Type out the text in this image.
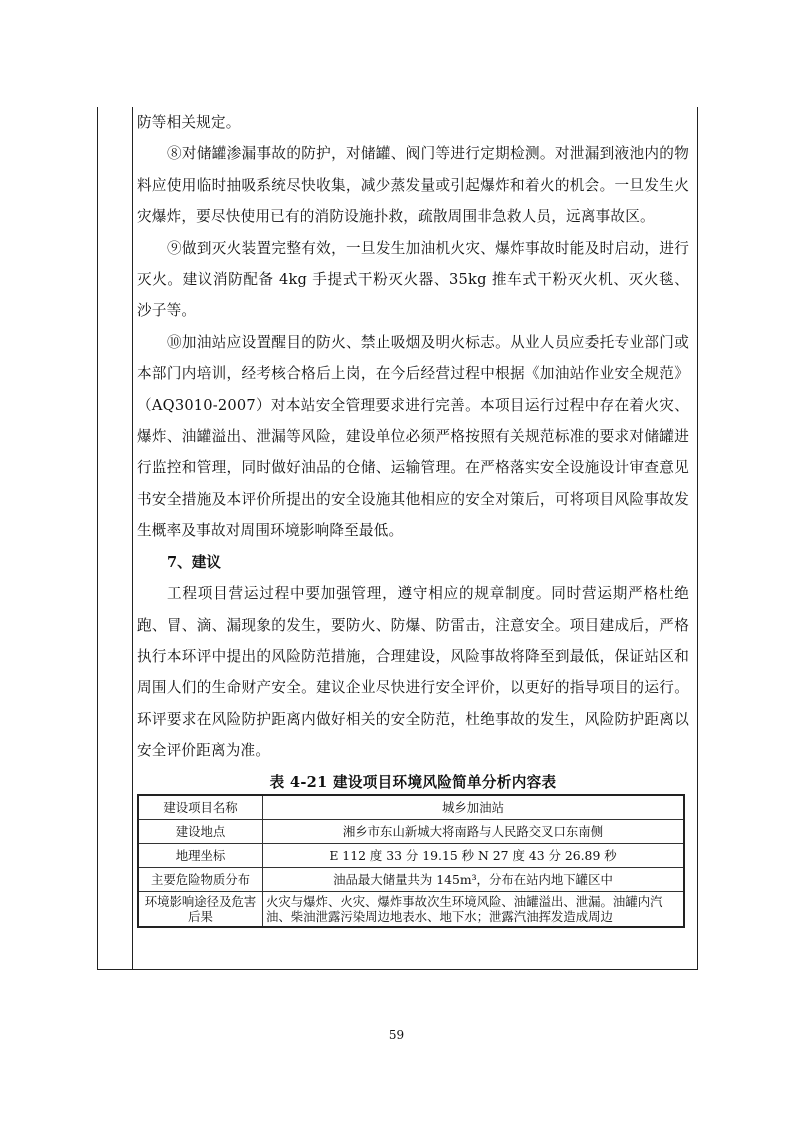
防等相关规定。

⑧对储罐渗漏事故的防护，对储罐、阀门等进行定期检测。对泄漏到液池内的物料应使用临时抽吸系统尽快收集，减少蒸发量或引起爆炸和着火的机会。一旦发生火灾爆炸，要尽快使用已有的消防设施扑救，疏散周围非急救人员，远离事故区。

⑨做到灭火装置完整有效，一旦发生加油机火灾、爆炸事故时能及时启动，进行灭火。建议消防配备 4kg 手提式干粉灭火器、35kg 推车式干粉灭火机、灭火毯、沙子等。

⑩加油站应设置醒目的防火、禁止吸烟及明火标志。从业人员应委托专业部门或本部门内培训，经考核合格后上岗，在今后经营过程中根据《加油站作业安全规范》（AQ3010-2007）对本站安全管理要求进行完善。本项目运行过程中存在着火灾、爆炸、油罐溢出、泄漏等风险，建设单位必须严格按照有关规范标准的要求对储罐进行监控和管理，同时做好油品的仓储、运输管理。在严格落实安全设施设计审查意见书安全措施及本评价所提出的安全设施其他相应的安全对策后，可将项目风险事故发生概率及事故对周围环境影响降至最低。

7、建议

工程项目营运过程中要加强管理，遵守相应的规章制度。同时营运期严格杜绝跑、冒、滴、漏现象的发生，要防火、防爆、防雷击，注意安全。项目建成后，严格执行本环评中提出的风险防范措施，合理建设，风险事故将降至到最低，保证站区和周围人们的生命财产安全。建议企业尽快进行安全评价，以更好的指导项目的运行。环评要求在风险防护距离内做好相关的安全防范，杜绝事故的发生，风险防护距离以安全评价距离为准。

表 4-21 建设项目环境风险简单分析内容表
建设项目名称	城乡加油站
建设地点	湘乡市东山新城大将南路与人民路交叉口东南侧
地理坐标	E 112 度 33 分 19.15 秒 N 27 度 43 分 26.89 秒
主要危险物质分布	油品最大储量共为 145m³，分布在站内地下罐区中
环境影响途径及危害后果	火灾与爆炸、火灾、爆炸事故次生环境风险、油罐溢出、泄漏。油罐内汽油、柴油泄露污染周边地表水、地下水；泄露汽油挥发造成周边
59
